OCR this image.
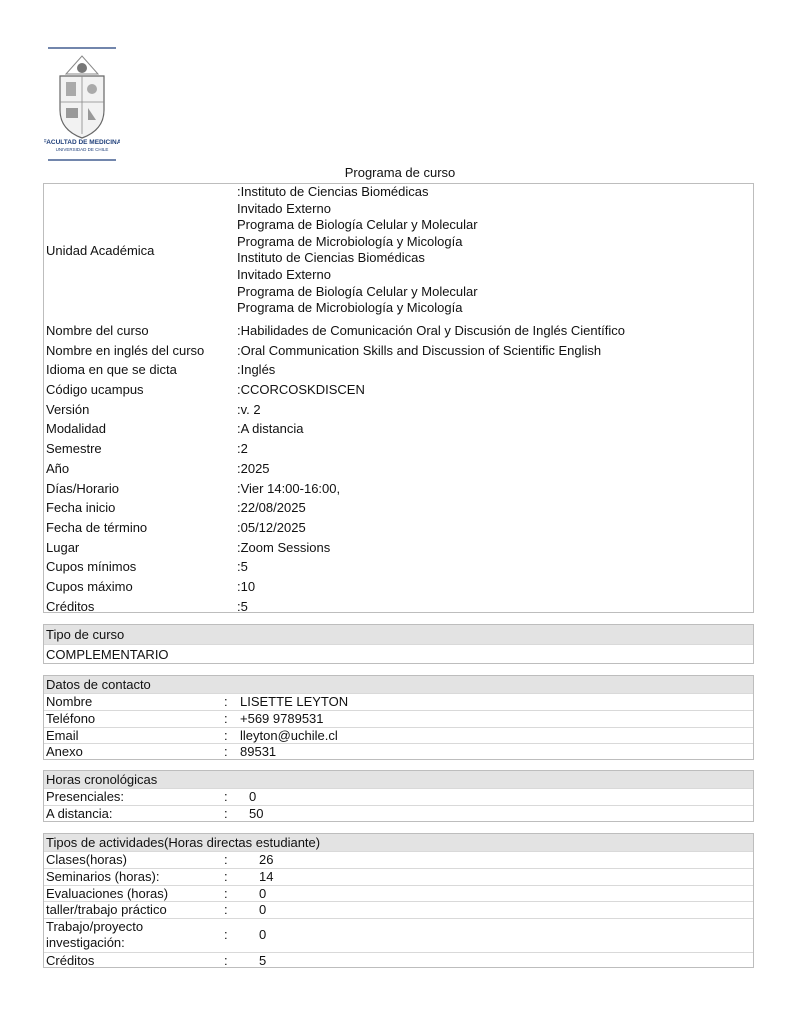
FACULTAD DE MEDICINA
UNIVERSIDAD DE CHILE
Programa de curso
Unidad Académica
:Instituto de Ciencias Biomédicas
Invitado Externo
Programa de Biología Celular y Molecular
Programa de Microbiología y Micología
Instituto de Ciencias Biomédicas
Invitado Externo
Programa de Biología Celular y Molecular
Programa de Microbiología y Micología
Nombre del curso	:Habilidades de Comunicación Oral y Discusión de Inglés Científico
Nombre en inglés del curso	:Oral Communication Skills and Discussion of Scientific English
Idioma en que se dicta	:Inglés
Código ucampus	:CCORCOSKDISCEN
Versión	:v. 2
Modalidad	:A distancia
Semestre	:2
Año	:2025
Días/Horario	:Vier 14:00-16:00,
Fecha inicio	:22/08/2025
Fecha de término	:05/12/2025
Lugar	:Zoom Sessions
Cupos mínimos	:5
Cupos máximo	:10
Créditos	:5
Tipo de curso
COMPLEMENTARIO
Datos de contacto
Nombre	: LISETTE LEYTON
Teléfono	: +569 9789531
Email	: lleyton@uchile.cl
Anexo	: 89531
Horas cronológicas
Presenciales:	: 0
A distancia:	: 50
Tipos de actividades(Horas directas estudiante)
Clases(horas)	: 26
Seminarios (horas):	: 14
Evaluaciones (horas)	: 0
taller/trabajo práctico	: 0
Trabajo/proyecto
investigación:
: 0
Créditos	: 5
